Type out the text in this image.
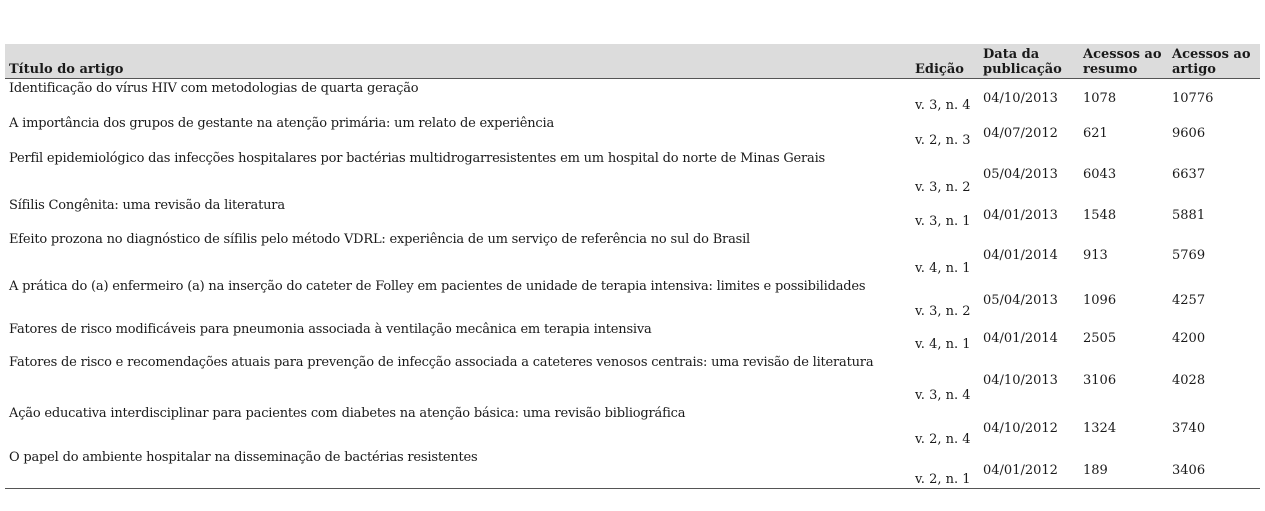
Título do artigo	Edição	Data da publicação	Acessos ao resumo	Acessos ao artigo
Identificação do vírus HIV com metodologias de quarta geração	v. 3, n. 4	04/10/2013	1078	10776
A importância dos grupos de gestante na atenção primária: um relato de experiência	v. 2, n. 3	04/07/2012	621	9606
Perfil epidemiológico das infecções hospitalares por bactérias multidrogarresistentes em um hospital do norte de Minas Gerais	v. 3, n. 2	05/04/2013	6043	6637
Sífilis Congênita: uma revisão da literatura	v. 3, n. 1	04/01/2013	1548	5881
Efeito prozona no diagnóstico de sífilis pelo método VDRL: experiência de um serviço de referência no sul do Brasil	v. 4, n. 1	04/01/2014	913	5769
A prática do (a) enfermeiro (a) na inserção do cateter de Folley em pacientes de unidade de terapia intensiva: limites e possibilidades	v. 3, n. 2	05/04/2013	1096	4257
Fatores de risco modificáveis para pneumonia associada à ventilação mecânica em terapia intensiva	v. 4, n. 1	04/01/2014	2505	4200
Fatores de risco e recomendações atuais para prevenção de infecção associada a cateteres venosos centrais: uma revisão de literatura	v. 3, n. 4	04/10/2013	3106	4028
Ação educativa interdisciplinar para pacientes com diabetes na atenção básica: uma revisão bibliográfica	v. 2, n. 4	04/10/2012	1324	3740
O papel do ambiente hospitalar na disseminação de bactérias resistentes	v. 2, n. 1	04/01/2012	189	3406
